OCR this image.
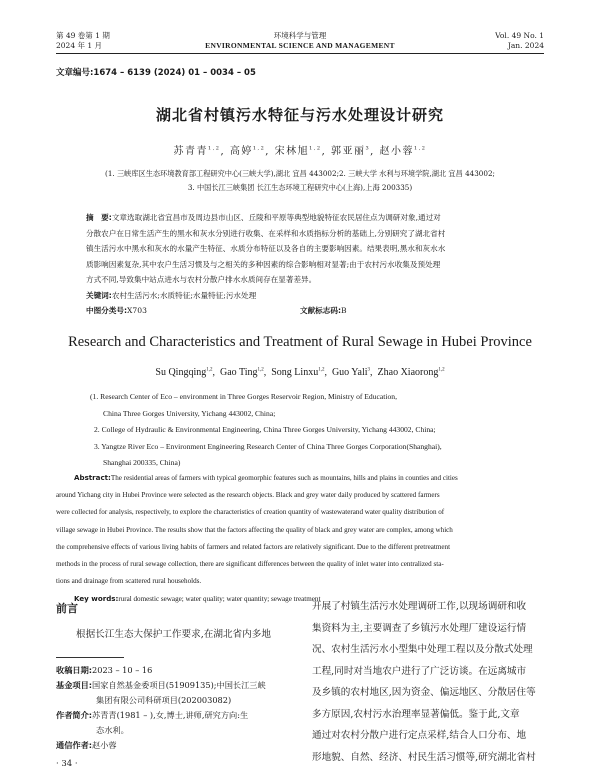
第 49 卷第 1 期
2024 年 1 月
环境科学与管理
ENVIRONMENTAL SCIENCE AND MANAGEMENT
Vol. 49 No. 1
Jan. 2024
文章编号:1674 – 6139 (2024) 01 – 0034 – 05
湖北省村镇污水特征与污水处理设计研究
苏青青$^{1,2}$, 高婷$^{1,2}$, 宋林旭$^{1,2}$, 郭亚丽$^3$, 赵小蓉$^{1,2}$
(1. 三峡库区生态环境教育部工程研究中心(三峡大学),湖北 宜昌 443002;2. 三峡大学 水利与环境学院,湖北 宜昌 443002;
3. 中国长江三峡集团 长江生态环境工程研究中心(上海),上海 200335)
摘　要:文章选取湖北省宜昌市及周边县市山区、丘陵和平原等典型地貌特征农民居住点为调研对象,通过对
分散农户在日常生活产生的黑水和灰水分别进行收集、在采样和水质指标分析的基础上,分别研究了湖北省村
镇生活污水中黑水和灰水的水量产生特征、水质分布特征以及各自的主要影响因素。结果表明,黑水和灰水水
质影响因素复杂,其中农户生活习惯及与之相关的多种因素的综合影响相对显著;由于农村污水收集及预处理
方式不同,导致集中站点进水与农村分散户排水水质间存在显著差异。
关键词:农村生活污水;水质特征;水量特征;污水处理
中图分类号:X703	文献标志码:B
Research and Characteristics and Treatment of Rural Sewage in Hubei Province
Su Qingqing$^{1,2}$,  Gao Ting$^{1,2}$,  Song Linxu$^{1,2}$,  Guo Yali$^3$,  Zhao Xiaorong$^{1,2}$
(1. Research Center of Eco – environment in Three Gorges Reservoir Region, Ministry of Education,
China Three Gorges University, Yichang 443002, China;
2. College of Hydraulic & Environmental Engineering, China Three Gorges University, Yichang 443002, China;
3. Yangtze River Eco – Environment Engineering Research Center of China Three Gorges Corporation(Shanghai),
Shanghai 200335, China)
Abstract:The residential areas of farmers with typical geomorphic features such as mountains, hills and plains in counties and cities
around Yichang city in Hubei Province were selected as the research objects. Black and grey water daily produced by scattered farmers
were collected for analysis, respectively, to explore the characteristics of creation quantity of wastewaterand water quality distribution of
village sewage in Hubei Province. The results show that the factors affecting the quality of black and grey water are complex, among which
the comprehensive effects of various living habits of farmers and related factors are relatively significant. Due to the different pretreatment
methods in the process of rural sewage collection, there are significant differences between the quality of inlet water into centralized sta-
tions and drainage from scattered rural households.
Key words:rural domestic sewage; water quality; water quantity; sewage treatment
前言
根据长江生态大保护工作要求,在湖北省内多地
收稿日期:2023 – 10 – 16
基金项目:国家自然基金委项目(51909135);中国长江三峡
集团有限公司科研项目(202003082)
作者简介:苏青青(1981 – ),女,博士,讲师,研究方向:生
态水利。
通信作者:赵小蓉
开展了村镇生活污水处理调研工作,以现场调研和收
集资料为主,主要调查了乡镇污水处理厂建设运行情
况、农村生活污水小型集中处理工程以及分散式处理
工程,同时对当地农户进行了广泛访谈。在远离城市
及乡镇的农村地区,因为资金、偏远地区、分散居住等
多方原因,农村污水治理率显著偏低。鉴于此,文章
通过对农村分散户进行定点采样,结合人口分布、地
形地貌、自然、经济、村民生活习惯等,研究湖北省村
· 34 ·
